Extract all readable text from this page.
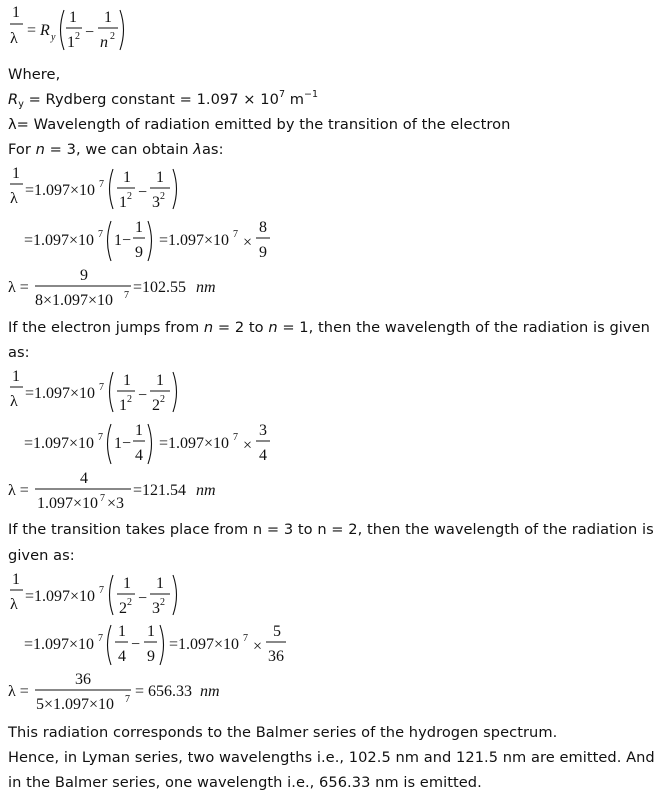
1
λ = R y
1
1 2 −
1
n 2
Where,
$R_y$ = Rydberg constant = $1.097 \times 10^7$ $m^{-1}$
λ= Wavelength of radiation emitted by the transition of the electron
For n = 3, we can obtain λas:
1
λ =1.097×10 7 1
1 2 −
1
3 2
=1.097×10 7 1 −
1
9
=1.097×10 7 ×
8
9
λ =
9
8×1.097×10 7 =102.55 nm
If the electron jumps from n = 2 to n = 1, then the wavelength of the radiation is given
as:
1
λ =1.097×10 7 1
1 2 −
1
2 2
=1.097×10 7 1 −
1
4
=1.097×10 7 ×
3
4
λ =
4
1.097×10 7 ×3
=121.54 nm
If the transition takes place from n = 3 to n = 2, then the wavelength of the radiation is
given as:
1
λ =1.097×10 7 1
2 2 −
1
3 2
=1.097×10 7 1
4
−
1
9
=1.097×10 7 ×
5
36
λ =
36
5×1.097×10 7 = 656.33 nm
This radiation corresponds to the Balmer series of the hydrogen spectrum.
Hence, in Lyman series, two wavelengths i.e., 102.5 nm and 121.5 nm are emitted. And
in the Balmer series, one wavelength i.e., 656.33 nm is emitted.
